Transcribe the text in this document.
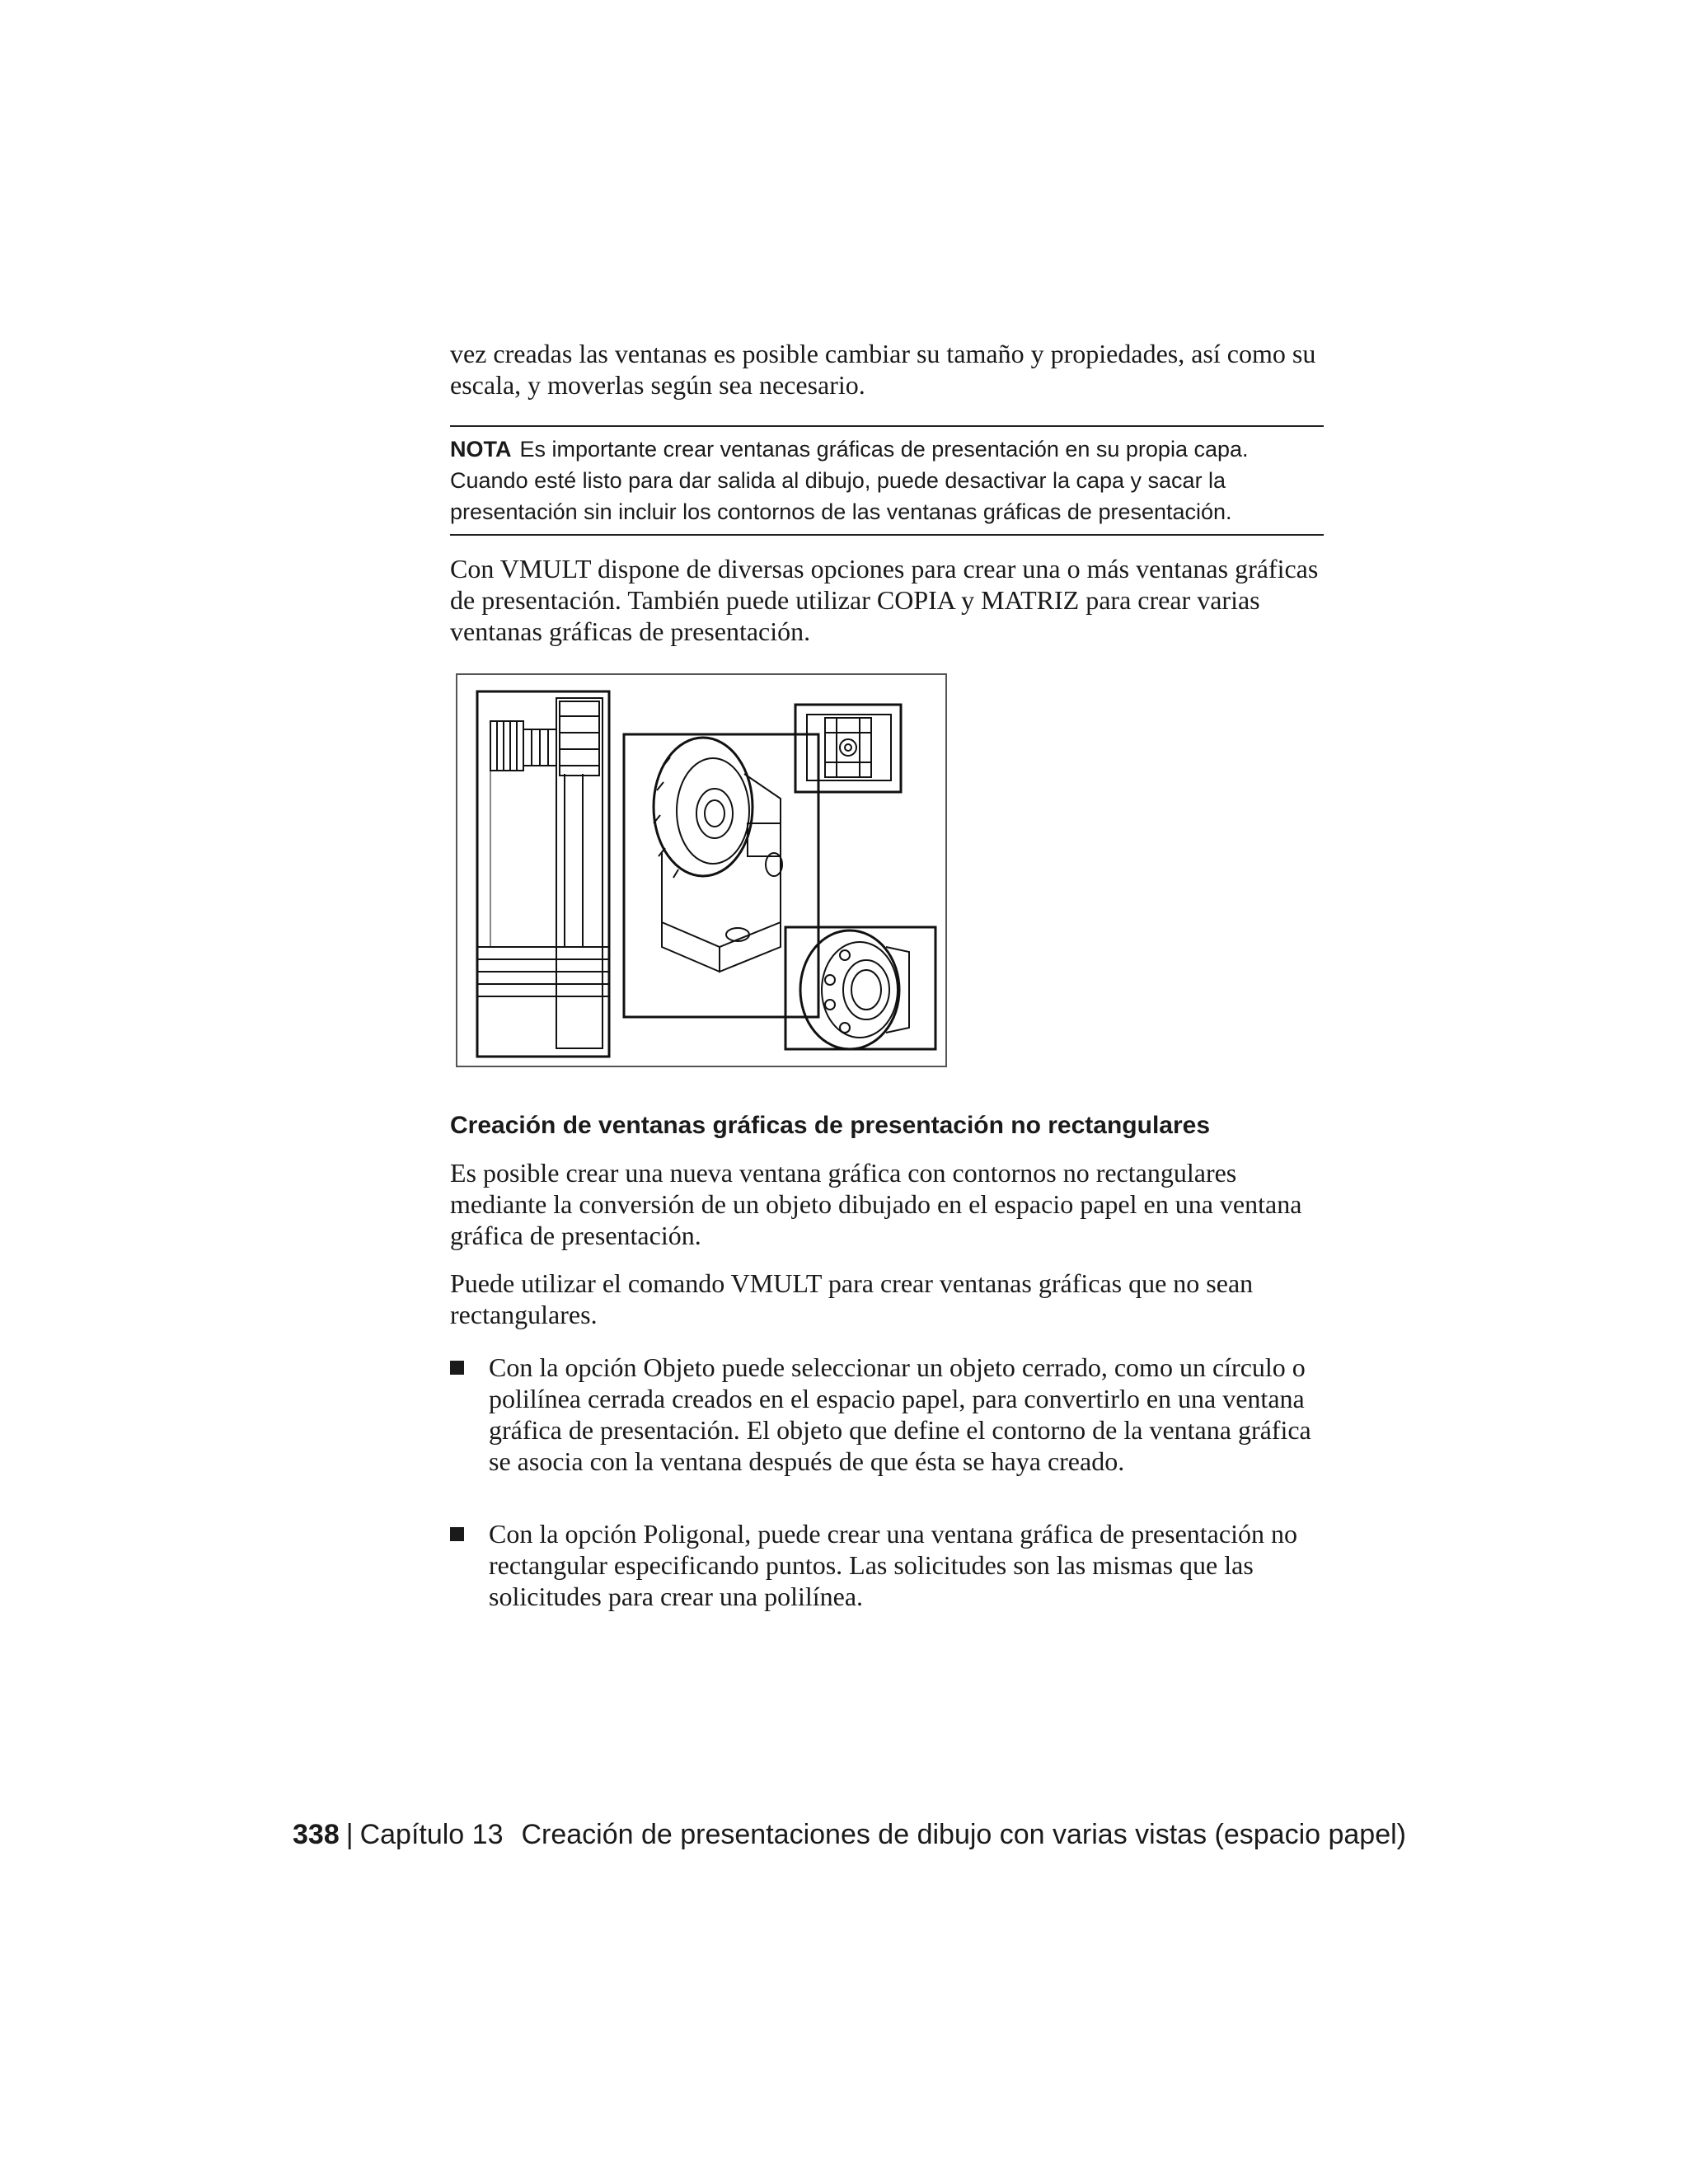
vez creadas las ventanas es posible cambiar su tamaño y propiedades, así como su escala, y moverlas según sea necesario.
NOTA Es importante crear ventanas gráficas de presentación en su propia capa. Cuando esté listo para dar salida al dibujo, puede desactivar la capa y sacar la presentación sin incluir los contornos de las ventanas gráficas de presentación.
Con VMULT dispone de diversas opciones para crear una o más ventanas gráficas de presentación. También puede utilizar COPIA y MATRIZ para crear varias ventanas gráficas de presentación.
Creación de ventanas gráficas de presentación no rectangulares
Es posible crear una nueva ventana gráfica con contornos no rectangulares mediante la conversión de un objeto dibujado en el espacio papel en una ventana gráfica de presentación.
Puede utilizar el comando VMULT para crear ventanas gráficas que no sean rectangulares.
Con la opción Objeto puede seleccionar un objeto cerrado, como un círculo o polilínea cerrada creados en el espacio papel, para convertirlo en una ventana gráfica de presentación. El objeto que define el contorno de la ventana gráfica se asocia con la ventana después de que ésta se haya creado.
Con la opción Poligonal, puede crear una ventana gráfica de presentación no rectangular especificando puntos. Las solicitudes son las mismas que las solicitudes para crear una polilínea.
338 | Capítulo 13 Creación de presentaciones de dibujo con varias vistas (espacio papel)
